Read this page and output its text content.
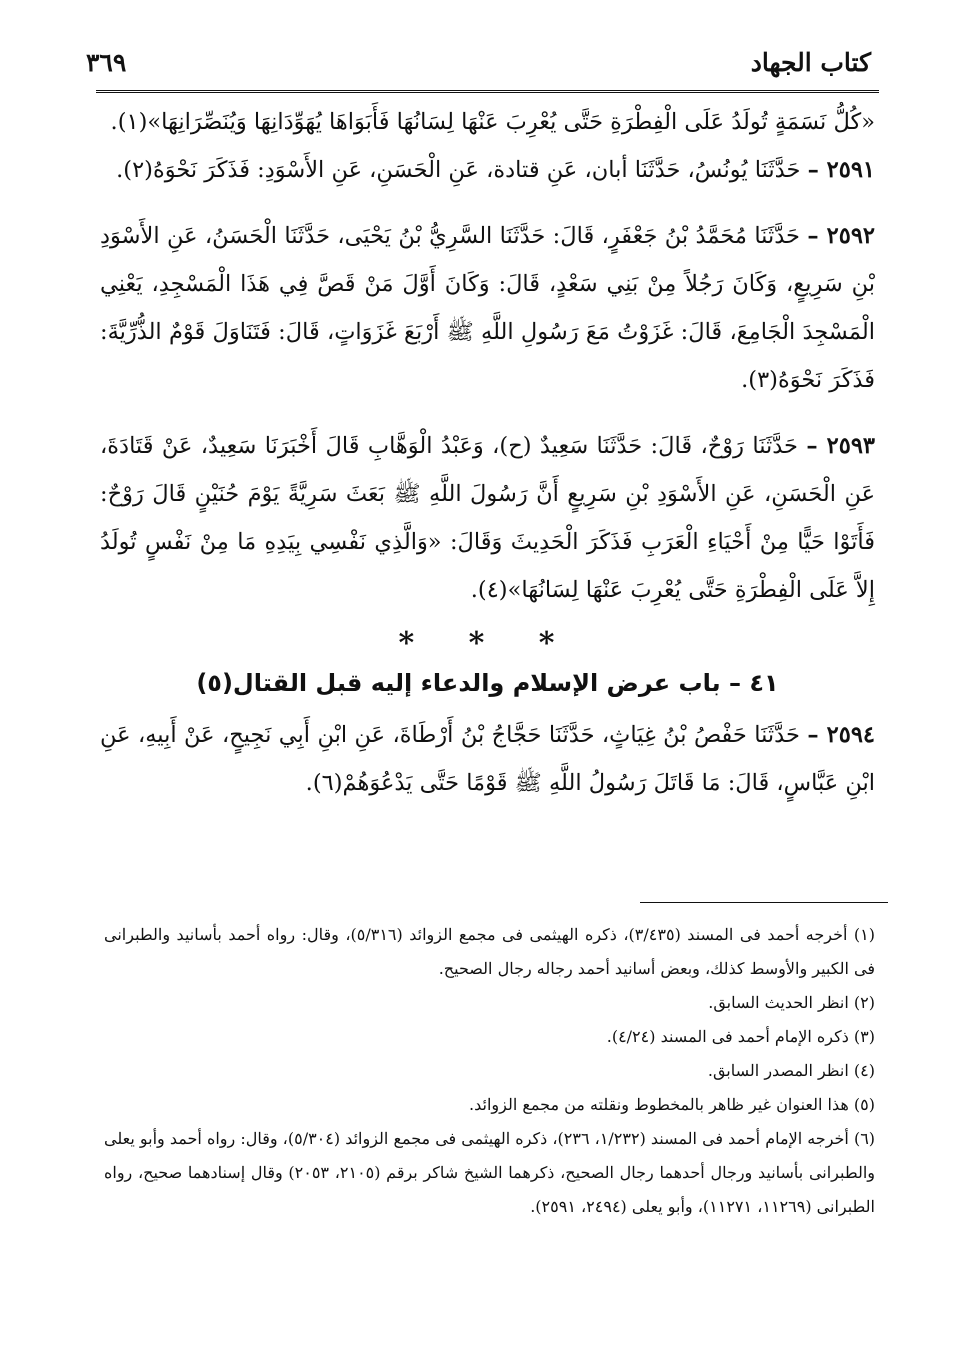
كتاب الجهاد
٣٦٩

«كُلُّ نَسَمَةٍ تُولَدُ عَلَى الْفِطْرَةِ حَتَّى يُعْرِبَ عَنْهَا لِسَانُهَا فَأَبَوَاهَا يُهَوِّدَانِهَا وَيُنَصِّرَانِهَا»(١).

٢٥٩١ – حَدَّثَنَا يُونُسُ، حَدَّثَنَا أبان، عَنِ قتادة، عَنِ الْحَسَنِ، عَنِ الأَسْوَدِ: فَذَكَرَ نَحْوَهُ(٢).

٢٥٩٢ – حَدَّثَنَا مُحَمَّدُ بْنُ جَعْفَرٍ، قَالَ: حَدَّثَنَا السَّرِيُّ بْنُ يَحْيَى، حَدَّثَنَا الْحَسَنُ، عَنِ الأَسْوَدِ بْنِ سَرِيعٍ، وَكَانَ رَجُلاً مِنْ بَنِي سَعْدٍ، قَالَ: وَكَانَ أَوَّلَ مَنْ قَصَّ فِي هَذَا الْمَسْجِدِ، يَعْنِي الْمَسْجِدَ الْجَامِعَ، قَالَ: غَزَوْتُ مَعَ رَسُولِ اللَّهِ ﷺ أَرْبَعَ غَزَوَاتٍ، قَالَ: فَتَنَاوَلَ قَوْمٌ الذُّرِّيَّةَ: فَذَكَرَ نَحْوَهُ(٣).

٢٥٩٣ – حَدَّثَنَا رَوْحٌ، قَالَ: حَدَّثَنَا سَعِيدٌ (ح)، وَعَبْدُ الْوَهَّابِ قَالَ أَخْبَرَنَا سَعِيدٌ، عَنْ قَتَادَةَ، عَنِ الْحَسَنِ، عَنِ الأَسْوَدِ بْنِ سَرِيعٍ أَنَّ رَسُولَ اللَّهِ ﷺ بَعَثَ سَرِيَّةً يَوْمَ حُنَيْنٍ قَالَ رَوْحٌ: فَأَتَوْا حَيًّا مِنْ أَحْيَاءِ الْعَرَبِ فَذَكَرَ الْحَدِيثَ وَقَالَ: «وَالَّذِي نَفْسِي بِيَدِهِ مَا مِنْ نَفْسٍ تُولَدُ إِلاَّ عَلَى الْفِطْرَةِ حَتَّى يُعْرِبَ عَنْهَا لِسَانُهَا»(٤).

* * *
٤١ – باب عرض الإسلام والدعاء إليه قبل القتال(٥)

٢٥٩٤ – حَدَّثَنَا حَفْصُ بْنُ غِيَاثٍ، حَدَّثَنَا حَجَّاجُ بْنُ أَرْطَاةَ، عَنِ ابْنِ أَبِي نَجِيحٍ، عَنْ أَبِيهِ، عَنِ ابْنِ عَبَّاسٍ، قَالَ: مَا قَاتَلَ رَسُولُ اللَّهِ ﷺ قَوْمًا حَتَّى يَدْعُوَهُمْ(٦).

(١) أخرجه أحمد فى المسند (٣/٤٣٥)، ذكره الهيثمى فى مجمع الزوائد (٥/٣١٦)، وقال: رواه أحمد بأسانيد والطبرانى فى الكبير والأوسط كذلك، وبعض أسانيد أحمد رجاله رجال الصحيح.

(٢) انظر الحديث السابق.

(٣) ذكره الإمام أحمد فى المسند (٤/٢٤).

(٤) انظر المصدر السابق.

(٥) هذا العنوان غير ظاهر بالمخطوط ونقلته من مجمع الزوائد.

(٦) أخرجه الإمام أحمد فى المسند (١/٢٣٢، ٢٣٦)، ذكره الهيثمى فى مجمع الزوائد (٥/٣٠٤)، وقال: رواه أحمد وأبو يعلى والطبرانى بأسانيد ورجال أحدهما رجال الصحيح، ذكرهما الشيخ شاكر برقم (٢١٠٥، ٢٠٥٣) وقال إسنادهما صحيح، رواه الطبرانى (١١٢٦٩، ١١٢٧١)، وأبو يعلى (٢٤٩٤، ٢٥٩١).
